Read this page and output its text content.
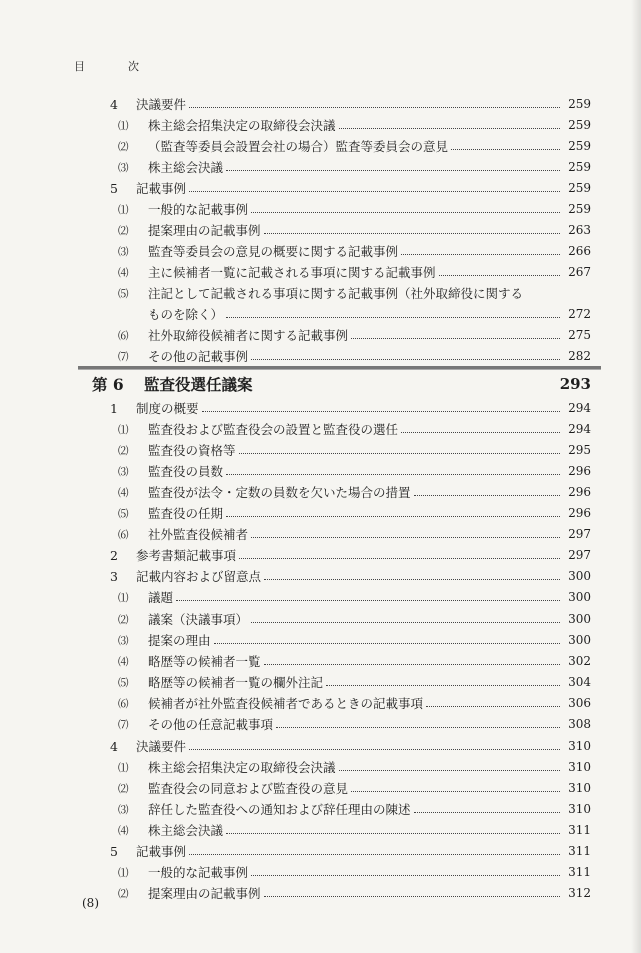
目　次
4	決議要件	259
⑴	株主総会招集決定の取締役会決議	259
⑵	（監査等委員会設置会社の場合）監査等委員会の意見	259
⑶	株主総会決議	259
5	記載事例	259
⑴	一般的な記載事例	259
⑵	提案理由の記載事例	263
⑶	監査等委員会の意見の概要に関する記載事例	266
⑷	主に候補者一覧に記載される事項に関する記載事例	267
⑸	注記として記載される事項に関する記載事例（社外取締役に関する
ものを除く）	272
⑹	社外取締役候補者に関する記載事例	275
⑺	その他の記載事例	282
第 6	監査役選任議案	293
1	制度の概要	294
⑴	監査役および監査役会の設置と監査役の選任	294
⑵	監査役の資格等	295
⑶	監査役の員数	296
⑷	監査役が法令・定数の員数を欠いた場合の措置	296
⑸	監査役の任期	296
⑹	社外監査役候補者	297
2	参考書類記載事項	297
3	記載内容および留意点	300
⑴	議題	300
⑵	議案（決議事項）	300
⑶	提案の理由	300
⑷	略歴等の候補者一覧	302
⑸	略歴等の候補者一覧の欄外注記	304
⑹	候補者が社外監査役候補者であるときの記載事項	306
⑺	その他の任意記載事項	308
4	決議要件	310
⑴	株主総会招集決定の取締役会決議	310
⑵	監査役会の同意および監査役の意見	310
⑶	辞任した監査役への通知および辞任理由の陳述	310
⑷	株主総会決議	311
5	記載事例	311
⑴	一般的な記載事例	311
⑵	提案理由の記載事例	312
(8)
